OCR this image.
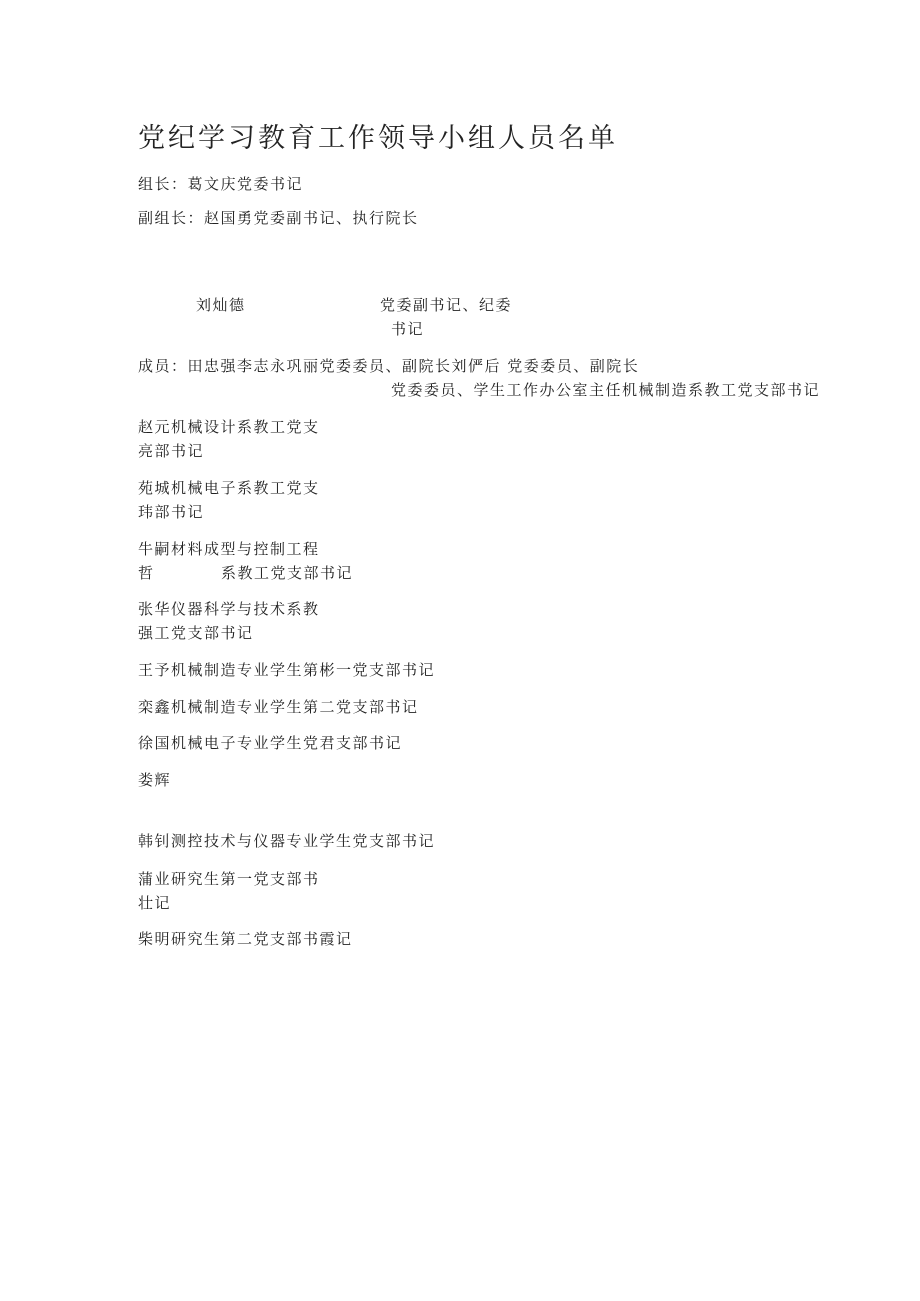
党纪学习教育工作领导小组人员名单
组长：葛文庆党委书记
副组长：赵国勇党委副书记、执行院长
刘灿德	党委副书记、纪委
书记
成员：田忠强李志永巩丽党委委员、副院长刘俨后 党委委员、副院长
党委委员、学生工作办公室主任机械制造系教工党支部书记
赵元机械设计系教工党支
亮部书记
苑城机械电子系教工党支
玮部书记
牛嗣材料成型与控制工程
哲	系教工党支部书记
张华仪器科学与技术系教
强工党支部书记
王予机械制造专业学生第彬一党支部书记
栾鑫机械制造专业学生第二党支部书记
徐国机械电子专业学生党君支部书记
娄辉
韩钊测控技术与仪器专业学生党支部书记
蒲业研究生第一党支部书
壮记
柴明研究生第二党支部书霞记
